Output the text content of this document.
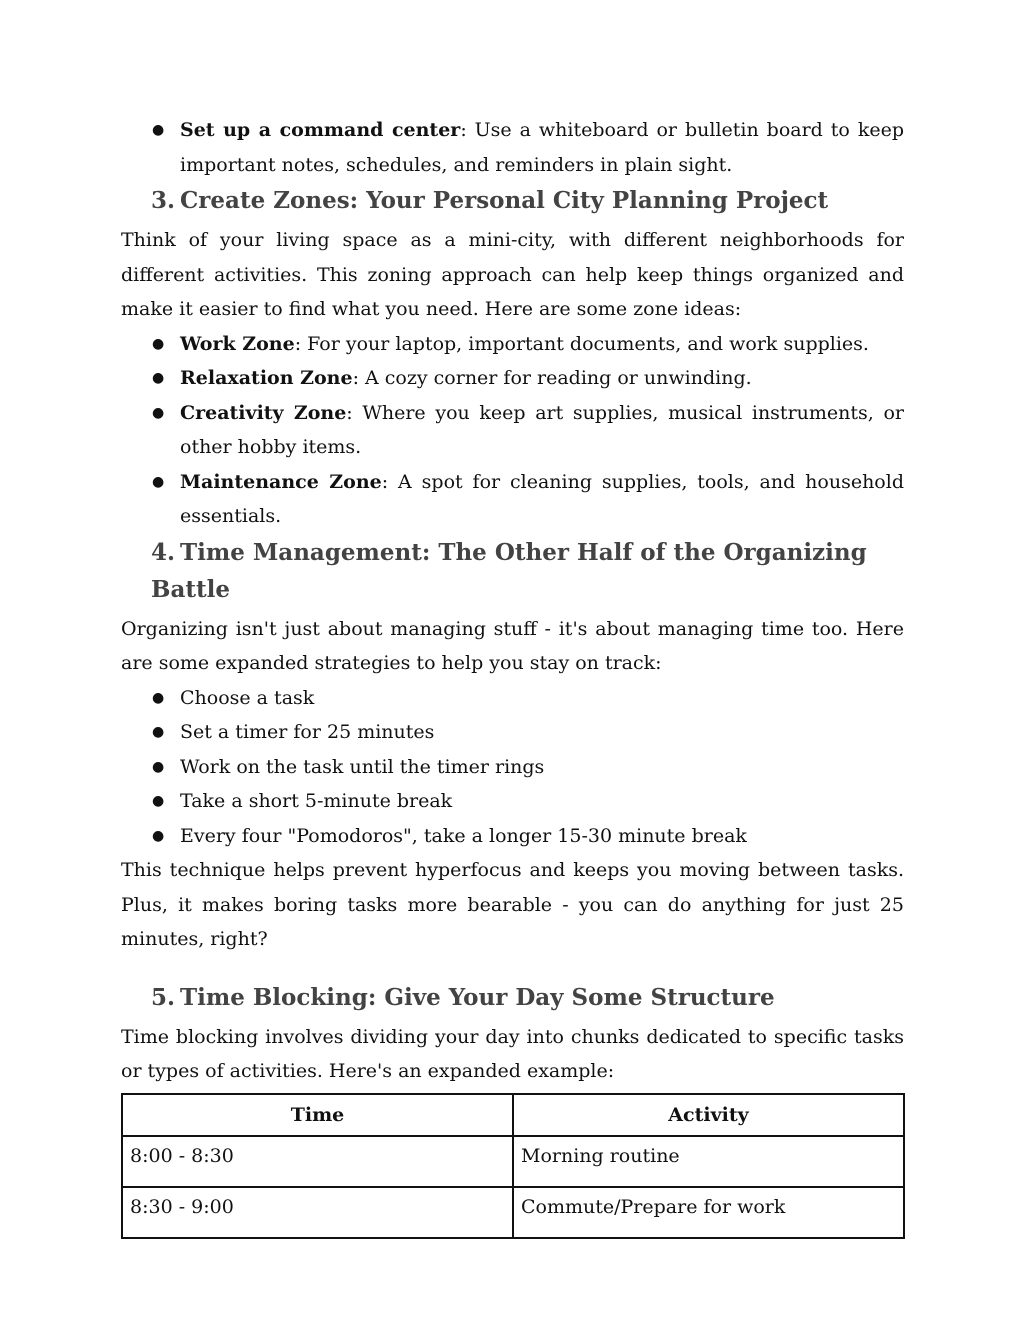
● Set up a command center: Use a whiteboard or bulletin board to keep important notes, schedules, and reminders in plain sight.
3. Create Zones: Your Personal City Planning Project

Think of your living space as a mini-city, with different neighborhoods for different activities. This zoning approach can help keep things organized and make it easier to find what you need. Here are some zone ideas:

● Work Zone: For your laptop, important documents, and work supplies.
● Relaxation Zone: A cozy corner for reading or unwinding.
● Creativity Zone: Where you keep art supplies, musical instruments, or other hobby items.
● Maintenance Zone: A spot for cleaning supplies, tools, and household essentials.
4. Time Management: The Other Half of the Organizing Battle

Organizing isn't just about managing stuff - it's about managing time too. Here are some expanded strategies to help you stay on track:

● Choose a task
● Set a timer for 25 minutes
● Work on the task until the timer rings
● Take a short 5-minute break
● Every four "Pomodoros", take a longer 15-30 minute break

This technique helps prevent hyperfocus and keeps you moving between tasks. Plus, it makes boring tasks more bearable - you can do anything for just 25 minutes, right?

5. Time Blocking: Give Your Day Some Structure

Time blocking involves dividing your day into chunks dedicated to specific tasks or types of activities. Here's an expanded example:

Time	Activity
8:00 - 8:30	Morning routine
8:30 - 9:00	Commute/Prepare for work
